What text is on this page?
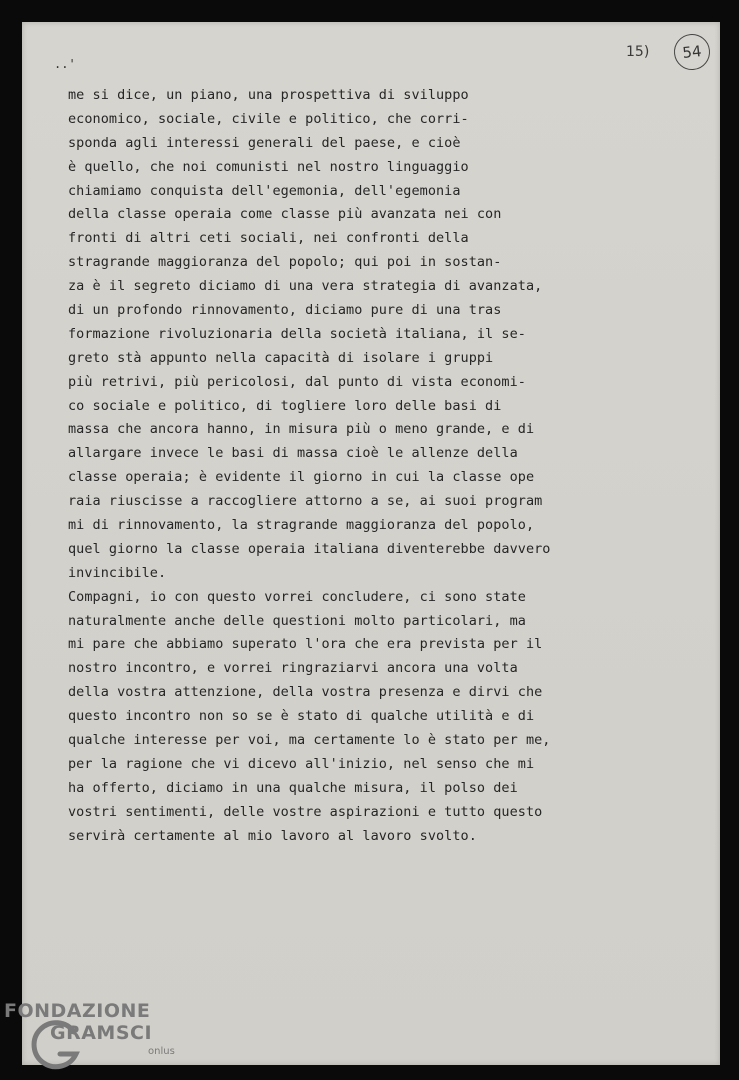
..'
15)	54
me si dice, un piano, una prospettiva di sviluppo
economico, sociale, civile e politico, che corri-
sponda agli interessi generali del paese, e cioè
è quello, che noi comunisti nel nostro linguaggio
chiamiamo conquista dell'egemonia, dell'egemonia
della classe operaia come classe più avanzata nei con
fronti di altri ceti sociali, nei confronti della
stragrande maggioranza del popolo; qui poi in sostan-
za è il segreto diciamo di una vera strategia di avanzata,
di un profondo rinnovamento, diciamo pure di una tras
formazione rivoluzionaria della società italiana, il se-
greto stà appunto nella capacità di isolare i gruppi
più retrivi, più pericolosi, dal punto di vista economi-
co sociale e politico, di togliere loro delle basi di
massa che ancora hanno, in misura più o meno grande, e di
allargare invece le basi di massa cioè le allenze della
classe operaia; è evidente il giorno in cui la classe ope
raia riuscisse a raccogliere attorno a se, ai suoi program
mi di rinnovamento, la stragrande maggioranza del popolo,
quel giorno la classe operaia italiana diventerebbe davvero
invincibile.
Compagni, io con questo vorrei concludere, ci sono state
naturalmente anche delle questioni molto particolari, ma
mi pare che abbiamo superato l'ora che era prevista per il
nostro incontro, e vorrei ringraziarvi ancora una volta
della vostra attenzione, della vostra presenza e dirvi che
questo incontro non so se è stato di qualche utilità e di
qualche interesse per voi, ma certamente lo è stato per me,
per la ragione che vi dicevo all'inizio, nel senso che mi
ha offerto, diciamo in una qualche misura, il polso dei
vostri sentimenti, delle vostre aspirazioni e tutto questo
servirà certamente al mio lavoro al lavoro svolto.
FONDAZIONE
GRAMSCI
onlus
